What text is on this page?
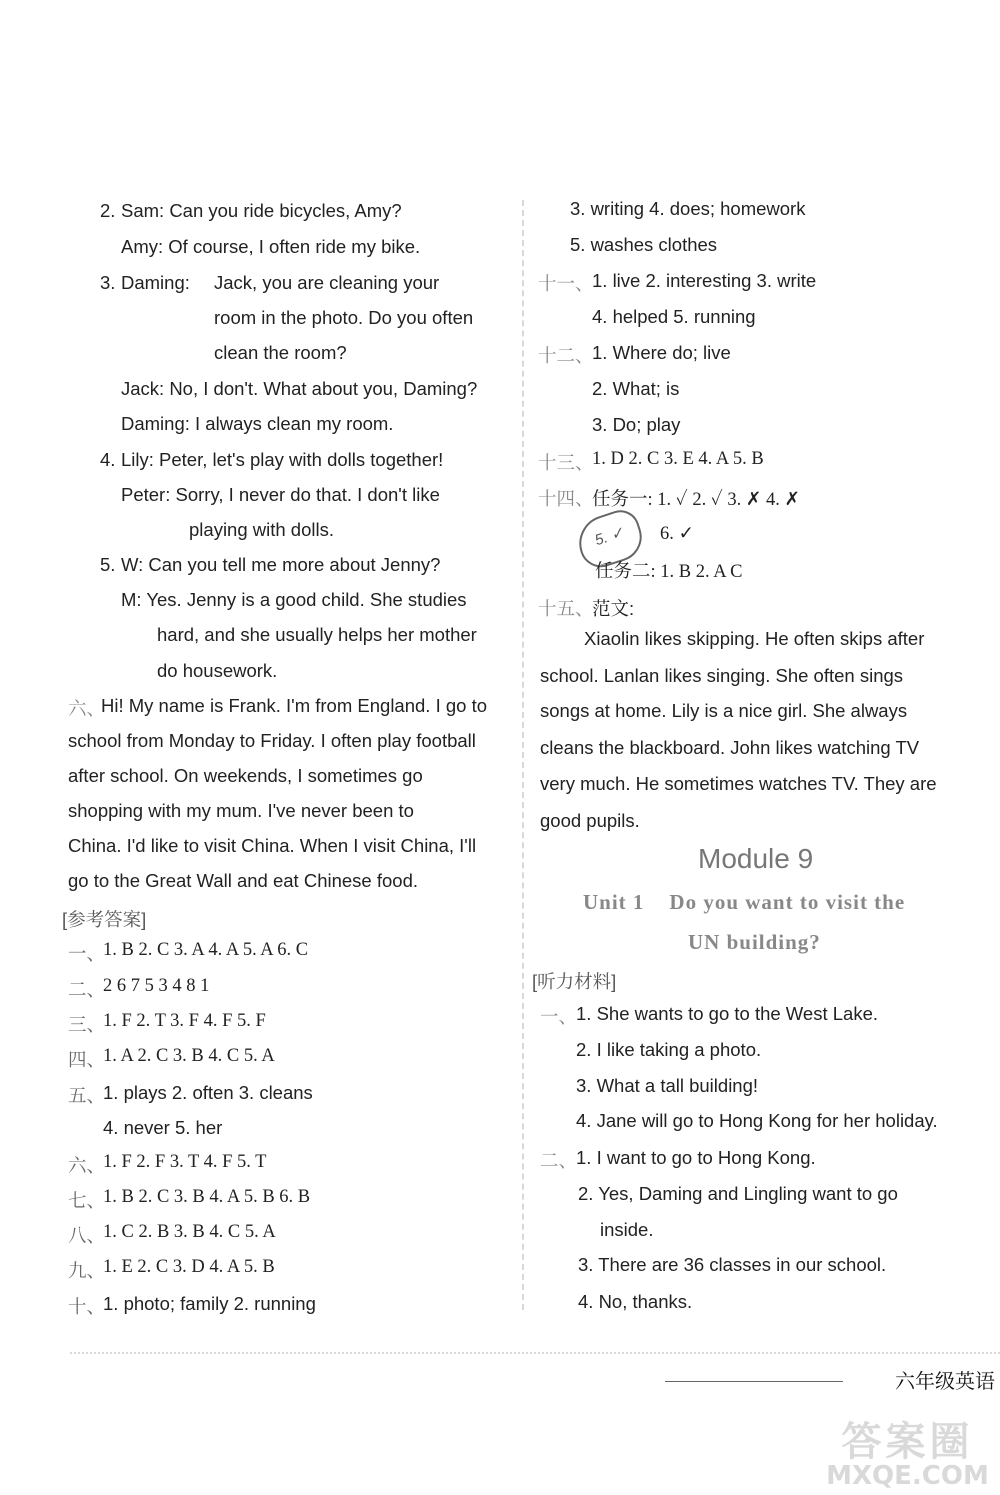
2. Sam: Can you ride bicycles, Amy?
Amy: Of course, I often ride my bike.
3. Daming: Jack, you are cleaning your
room in the photo. Do you often
clean the room?
Jack: No, I don't. What about you, Daming?
Daming: I always clean my room.
4. Lily: Peter, let's play with dolls together!
Peter: Sorry, I never do that. I don't like
playing with dolls.
5. W: Can you tell me more about Jenny?
M: Yes. Jenny is a good child. She studies
hard, and she usually helps her mother
do housework.
六、
Hi! My name is Frank. I'm from England. I go to
school from Monday to Friday. I often play football
after school. On weekends, I sometimes go
shopping with my mum. I've never been to
China. I'd like to visit China. When I visit China, I'll
go to the Great Wall and eat Chinese food.
[参考答案]
一、
1. B 2. C 3. A 4. A 5. A 6. C
二、
2 6 7 5 3 4 8 1
三、
1. F 2. T 3. F 4. F 5. F
四、
1. A 2. C 3. B 4. C 5. A
五、
1. plays 2. often 3. cleans
4. never 5. her
六、
1. F 2. F 3. T 4. F 5. T
七、
1. B 2. C 3. B 4. A 5. B 6. B
八、
1. C 2. B 3. B 4. C 5. A
九、
1. E 2. C 3. D 4. A 5. B
十、
1. photo; family 2. running
3. writing 4. does; homework
5. washes clothes
十一、
1. live 2. interesting 3. write
4. helped 5. running
十二、
1. Where do; live
2. What; is
3. Do; play
十三、
1. D 2. C 3. E 4. A 5. B
十四、
任务一: 1. ✓ 2. ✓ 3. ✗ 4. ✗
5. ✓	6. ✓
任务二: 1. B 2. A C
十五、
范文:
Xiaolin likes skipping. He often skips after
school. Lanlan likes singing. She often sings
songs at home. Lily is a nice girl. She always
cleans the blackboard. John likes watching TV
very much. He sometimes watches TV. They are
good pupils.
Module 9
Unit 1    Do you want to visit the
UN building?
[听力材料]
一、
1. She wants to go to the West Lake.
2. I like taking a photo.
3. What a tall building!
4. Jane will go to Hong Kong for her holiday.
二、
1. I want to go to Hong Kong.
2. Yes, Daming and Lingling want to go
inside.
3. There are 36 classes in our school.
4. No, thanks.
六年级英语
答案圈
MXQE.COM
